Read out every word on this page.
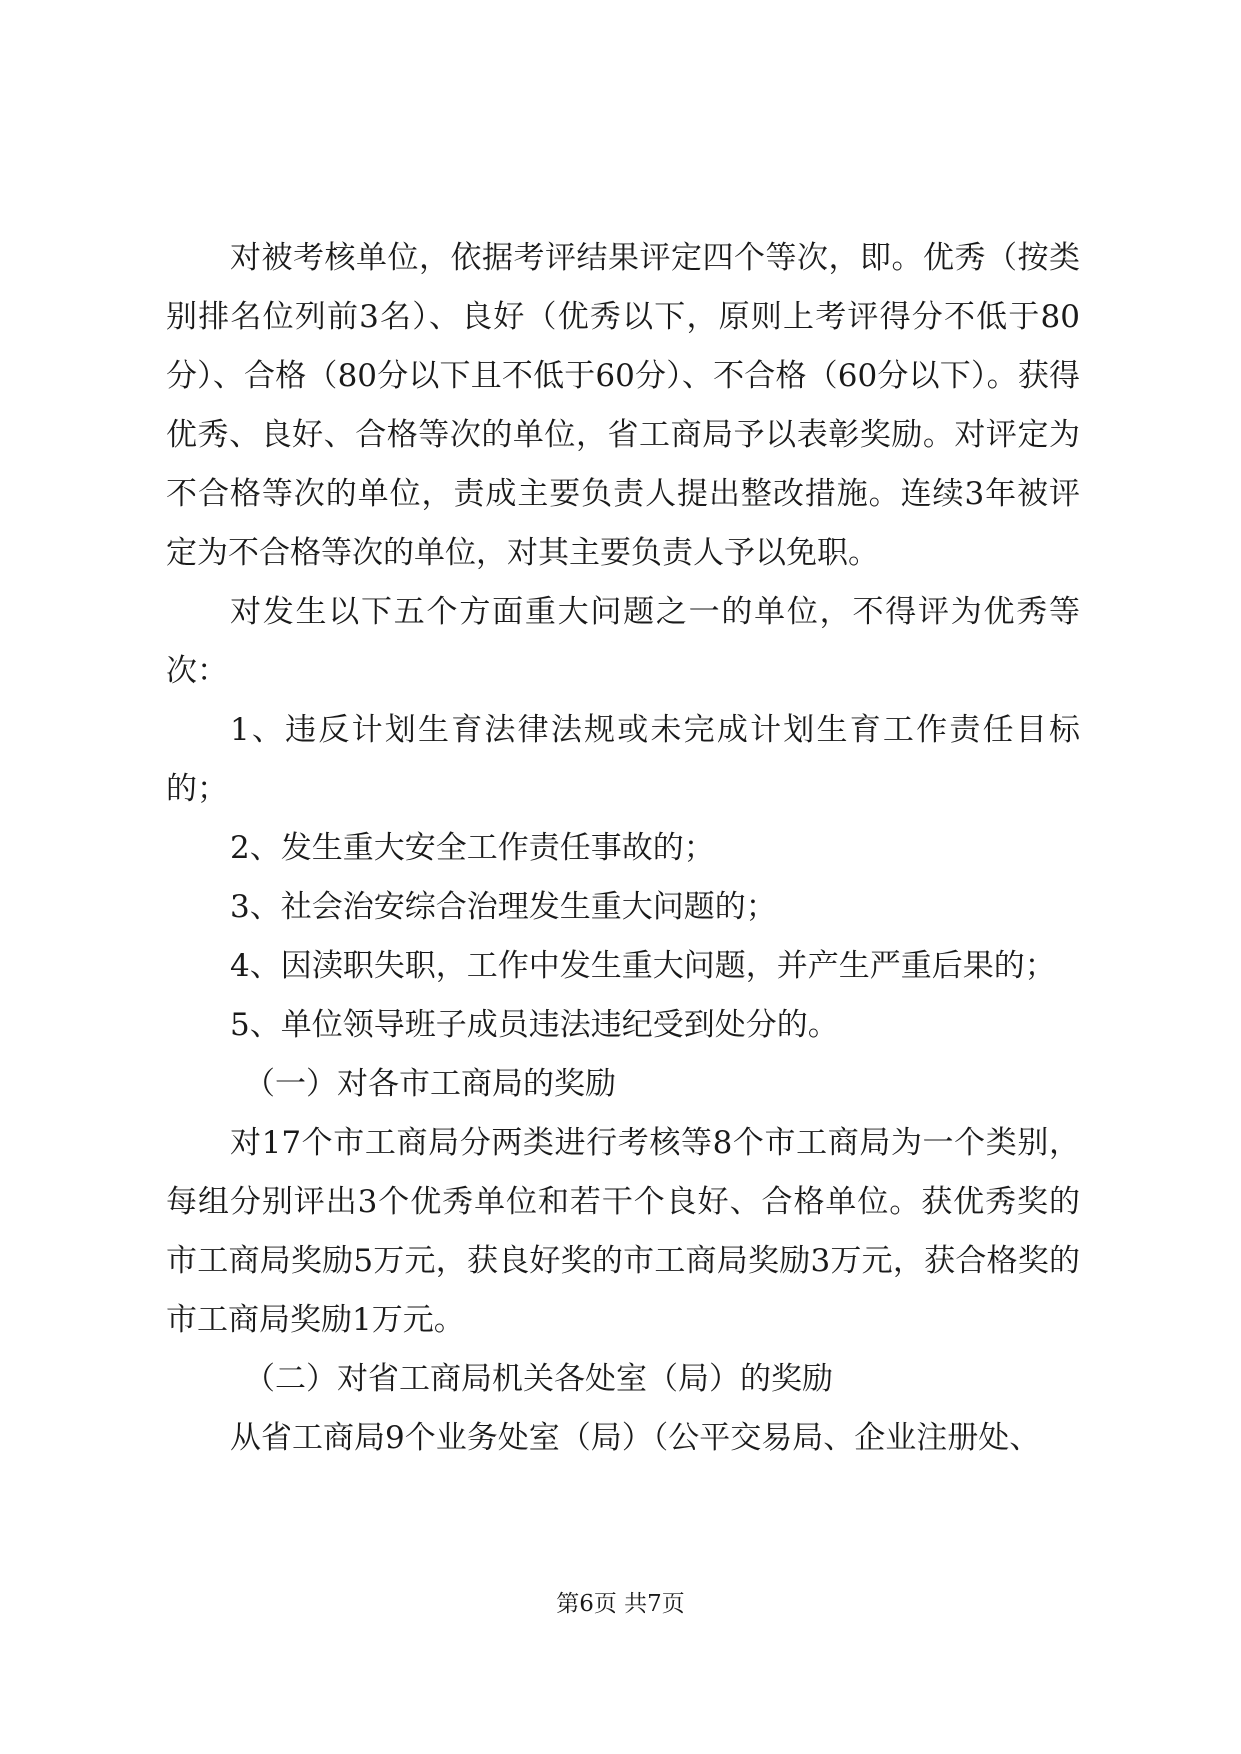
对被考核单位，依据考评结果评定四个等次，即。优秀（按类别排名位列前3名）、良好（优秀以下，原则上考评得分不低于80分）、合格（80分以下且不低于60分）、不合格（60分以下）。获得优秀、良好、合格等次的单位，省工商局予以表彰奖励。对评定为不合格等次的单位，责成主要负责人提出整改措施。连续3年被评定为不合格等次的单位，对其主要负责人予以免职。

对发生以下五个方面重大问题之一的单位，不得评为优秀等次：

1、违反计划生育法律法规或未完成计划生育工作责任目标的；

2、发生重大安全工作责任事故的；

3、社会治安综合治理发生重大问题的；

4、因渎职失职，工作中发生重大问题，并产生严重后果的；

5、单位领导班子成员违法违纪受到处分的。

（一）对各市工商局的奖励

对17个市工商局分两类进行考核等8个市工商局为一个类别，每组分别评出3个优秀单位和若干个良好、合格单位。获优秀奖的市工商局奖励5万元，获良好奖的市工商局奖励3万元，获合格奖的市工商局奖励1万元。

（二）对省工商局机关各处室（局）的奖励

从省工商局9个业务处室（局）（公平交易局、企业注册处、

第6页 共7页
